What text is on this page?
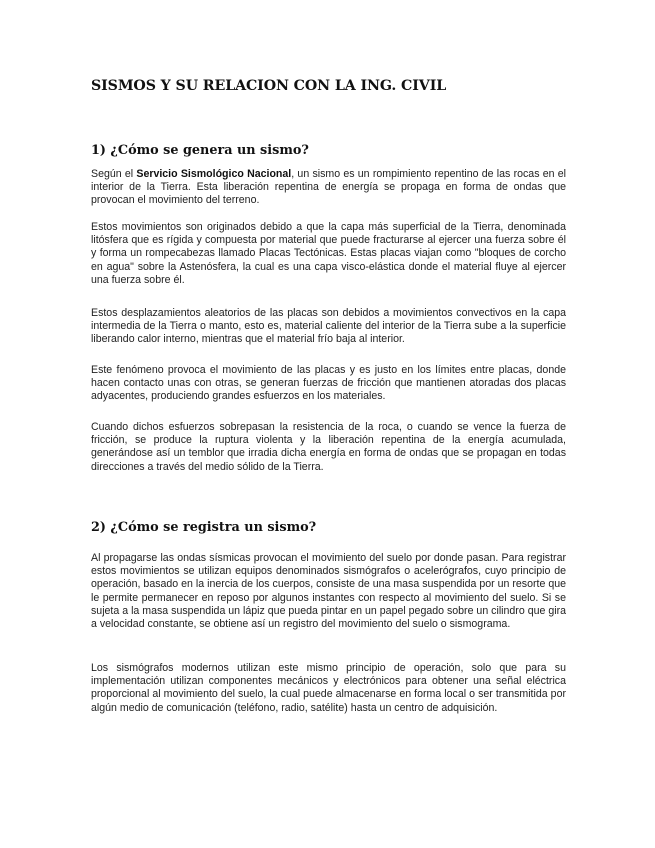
SISMOS Y SU RELACION CON LA ING. CIVIL
1) ¿Cómo se genera un sismo?

Según el Servicio Sismológico Nacional, un sismo es un rompimiento repentino de las rocas en el interior de la Tierra. Esta liberación repentina de energía se propaga en forma de ondas que provocan el movimiento del terreno.

Estos movimientos son originados debido a que la capa más superficial de la Tierra, denominada litósfera que es rígida y compuesta por material que puede fracturarse al ejercer una fuerza sobre él y forma un rompecabezas llamado Placas Tectónicas. Estas placas viajan como "bloques de corcho en agua" sobre la Astenósfera, la cual es una capa visco-elástica donde el material fluye al ejercer una fuerza sobre él.

Estos desplazamientos aleatorios de las placas son debidos a movimientos convectivos en la capa intermedia de la Tierra o manto, esto es, material caliente del interior de la Tierra sube a la superficie liberando calor interno, mientras que el material frío baja al interior.

Este fenómeno provoca el movimiento de las placas y es justo en los límites entre placas, donde hacen contacto unas con otras, se generan fuerzas de fricción que mantienen atoradas dos placas adyacentes, produciendo grandes esfuerzos en los materiales.

Cuando dichos esfuerzos sobrepasan la resistencia de la roca, o cuando se vence la fuerza de fricción, se produce la ruptura violenta y la liberación repentina de la energía acumulada, generándose así un temblor que irradia dicha energía en forma de ondas que se propagan en todas direcciones a través del medio sólido de la Tierra.

2) ¿Cómo se registra un sismo?

Al propagarse las ondas sísmicas provocan el movimiento del suelo por donde pasan. Para registrar estos movimientos se utilizan equipos denominados sismógrafos o acelerógrafos, cuyo principio de operación, basado en la inercia de los cuerpos, consiste de una masa suspendida por un resorte que le permite permanecer en reposo por algunos instantes con respecto al movimiento del suelo. Si se sujeta a la masa suspendida un lápiz que pueda pintar en un papel pegado sobre un cilindro que gira a velocidad constante, se obtiene así un registro del movimiento del suelo o sismograma.

Los sismógrafos modernos utilizan este mismo principio de operación, solo que para su implementación utilizan componentes mecánicos y electrónicos para obtener una señal eléctrica proporcional al movimiento del suelo, la cual puede almacenarse en forma local o ser transmitida por algún medio de comunicación (teléfono, radio, satélite) hasta un centro de adquisición.
